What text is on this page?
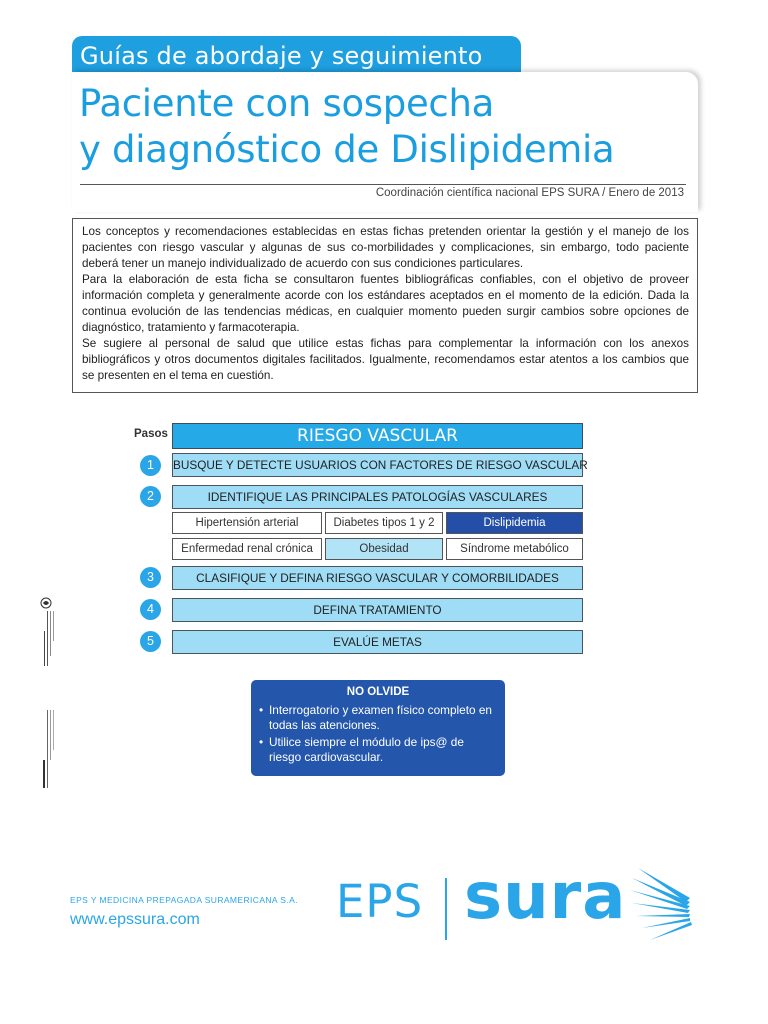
Guías de abordaje y seguimiento
Paciente con sospecha
y diagnóstico de Dislipidemia
Coordinación científica nacional EPS SURA / Enero de 2013

Los conceptos y recomendaciones establecidas en estas fichas pretenden orientar la gestión y el manejo de los pacientes con riesgo vascular y algunas de sus co-morbilidades y complicaciones, sin embargo, todo paciente deberá tener un manejo individualizado de acuerdo con sus condiciones particulares.

Para la elaboración de esta ficha se consultaron fuentes bibliográficas confiables, con el objetivo de proveer información completa y generalmente acorde con los estándares aceptados en el momento de la edición. Dada la continua evolución de las tendencias médicas, en cualquier momento pueden surgir cambios sobre opciones de diagnóstico, tratamiento y farmacoterapia.

Se sugiere al personal de salud que utilice estas fichas para complementar la información con los anexos bibliográficos y otros documentos digitales facilitados. Igualmente, recomendamos estar atentos a los cambios que se presenten en el tema en cuestión.

Pasos	RIESGO VASCULAR
1	BUSQUE Y DETECTE USUARIOS CON FACTORES DE RIESGO VASCULAR
2	IDENTIFIQUE LAS PRINCIPALES PATOLOGÍAS VASCULARES
Hipertensión arterial	Diabetes tipos 1 y 2	Dislipidemia
Enfermedad renal crónica	Obesidad	Síndrome metabólico
3	CLASIFIQUE Y DEFINA RIESGO VASCULAR Y COMORBILIDADES
4	DEFINA TRATAMIENTO
5	EVALÚE METAS
NO OLVIDE
• Interrogatorio y examen físico completo en todas las atenciones.
• Utilice siempre el módulo de ips@ de riesgo cardiovascular.
EPS Y MEDICINA PREPAGADA SURAMERICANA S.A.
www.epssura.com	EPS sura
